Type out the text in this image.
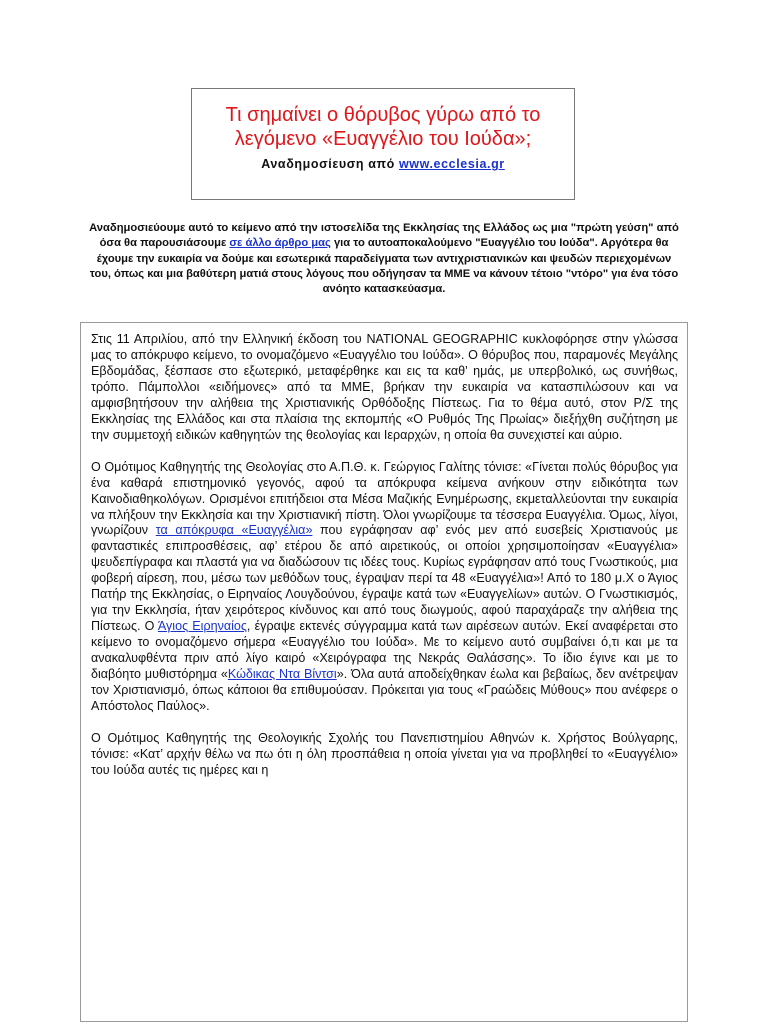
Τι σημαίνει ο θόρυβος γύρω από το λεγόμενο «Ευαγγέλιο του Ιούδα»;
Αναδημοσίευση από www.ecclesia.gr
Αναδημοσιεύουμε αυτό το κείμενο από την ιστοσελίδα της Εκκλησίας της Ελλάδος ως μια "πρώτη γεύση" από όσα θα παρουσιάσουμε σε άλλο άρθρο μας για το αυτοαποκαλούμενο "Ευαγγέλιο του Ιούδα". Αργότερα θα έχουμε την ευκαιρία να δούμε και εσωτερικά παραδείγματα των αντιχριστιανικών και ψευδών περιεχομένων του, όπως και μια βαθύτερη ματιά στους λόγους που οδήγησαν τα ΜΜΕ να κάνουν τέτοιο "ντόρο" για ένα τόσο ανόητο κατασκεύασμα.

Στις 11 Απριλίου, από την Ελληνική έκδοση του NATIONAL GEOGRAPHIC κυκλοφόρησε στην γλώσσα μας το απόκρυφο κείμενο, το ονομαζόμενο «Ευαγγέλιο του Ιούδα». Ο θόρυβος που, παραμονές Μεγάλης Εβδομάδας, ξέσπασε στο εξωτερικό, μεταφέρθηκε και εις τα καθ’ ημάς, με υπερβολικό, ως συνήθως, τρόπο. Πάμπολλοι «ειδήμονες» από τα ΜΜΕ, βρήκαν την ευκαιρία να κατασπιλώσουν και να αμφισβητήσουν την αλήθεια της Χριστιανικής Ορθόδοξης Πίστεως. Για το θέμα αυτό, στον Ρ/Σ της Εκκλησίας της Ελλάδος και στα πλαίσια της εκπομπής «Ο Ρυθμός Της Πρωίας» διεξήχθη συζήτηση με την συμμετοχή ειδικών καθηγητών της θεολογίας και Ιεραρχών, η οποία θα συνεχιστεί και αύριο.

Ο Ομότιμος Καθηγητής της Θεολογίας στο Α.Π.Θ. κ. Γεώργιος Γαλίτης τόνισε: «Γίνεται πολύς θόρυβος για ένα καθαρά επιστημονικό γεγονός, αφού τα απόκρυφα κείμενα ανήκουν στην ειδικότητα των Καινοδιαθηκολόγων. Ορισμένοι επιτήδειοι στα Μέσα Μαζικής Ενημέρωσης, εκμεταλλεύονται την ευκαιρία να πλήξουν την Εκκλησία και την Χριστιανική πίστη. Όλοι γνωρίζουμε τα τέσσερα Ευαγγέλια. Όμως, λίγοι, γνωρίζουν τα απόκρυφα «Ευαγγέλια» που εγράφησαν αφ’ ενός μεν από ευσεβείς Χριστιανούς με φανταστικές επιπροσθέσεις, αφ’ ετέρου δε από αιρετικούς, οι οποίοι χρησιμοποίησαν «Ευαγγέλια» ψευδεπίγραφα και πλαστά για να διαδώσουν τις ιδέες τους. Κυρίως εγράφησαν από τους Γνωστικούς, μια φοβερή αίρεση, που, μέσω των μεθόδων τους, έγραψαν περί τα 48 «Ευαγγέλια»! Από το 180 μ.Χ ο Άγιος Πατήρ της Εκκλησίας, ο Ειρηναίος Λουγδούνου, έγραψε κατά των «Ευαγγελίων» αυτών. Ο Γνωστικισμός, για την Εκκλησία, ήταν χειρότερος κίνδυνος και από τους διωγμούς, αφού παραχάραζε την αλήθεια της Πίστεως. Ο Άγιος Ειρηναίος, έγραψε εκτενές σύγγραμμα κατά των αιρέσεων αυτών. Εκεί αναφέρεται στο κείμενο το ονομαζόμενο σήμερα «Ευαγγέλιο του Ιούδα». Με το κείμενο αυτό συμβαίνει ό,τι και με τα ανακαλυφθέντα πριν από λίγο καιρό «Χειρόγραφα της Νεκράς Θαλάσσης». Το ίδιο έγινε και με το διαβόητο μυθιστόρημα «Κώδικας Ντα Βίντσι». Όλα αυτά αποδείχθηκαν έωλα και βεβαίως, δεν ανέτρεψαν τον Χριστιανισμό, όπως κάποιοι θα επιθυμούσαν. Πρόκειται για τους «Γραώδεις Μύθους» που ανέφερε ο Απόστολος Παύλος».

Ο Ομότιμος Καθηγητής της Θεολογικής Σχολής του Πανεπιστημίου Αθηνών κ. Χρήστος Βούλγαρης, τόνισε: «Κατ’ αρχήν θέλω να πω ότι η όλη προσπάθεια η οποία γίνεται για να προβληθεί το «Ευαγγέλιο» του Ιούδα αυτές τις ημέρες και η
